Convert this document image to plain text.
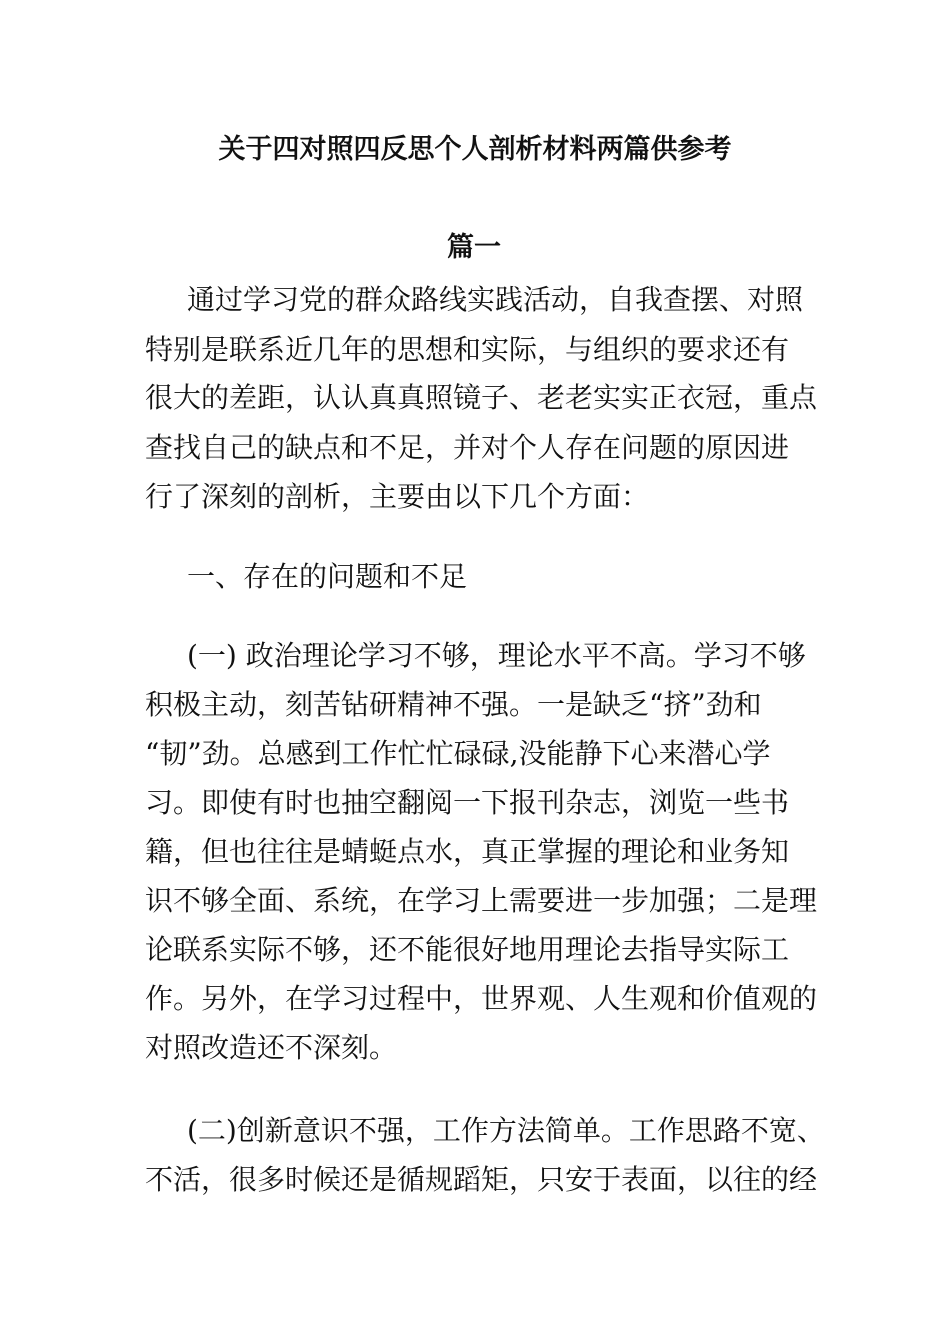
关于四对照四反思个人剖析材料两篇供参考
篇一
通过学习党的群众路线实践活动，自我查摆、对照
特别是联系近几年的思想和实际，与组织的要求还有
很大的差距，认认真真照镜子、老老实实正衣冠，重点
查找自己的缺点和不足，并对个人存在问题的原因进
行了深刻的剖析，主要由以下几个方面：
一、存在的问题和不足
(一) 政治理论学习不够，理论水平不高。学习不够
积极主动，刻苦钻研精神不强。一是缺乏“挤”劲和
“韧”劲。总感到工作忙忙碌碌,没能静下心来潜心学
习。即使有时也抽空翻阅一下报刊杂志，浏览一些书
籍，但也往往是蜻蜓点水，真正掌握的理论和业务知
识不够全面、系统，在学习上需要进一步加强；二是理
论联系实际不够，还不能很好地用理论去指导实际工
作。另外，在学习过程中，世界观、人生观和价值观的
对照改造还不深刻。
(二)创新意识不强，工作方法简单。工作思路不宽、
不活，很多时候还是循规蹈矩，只安于表面，以往的经
